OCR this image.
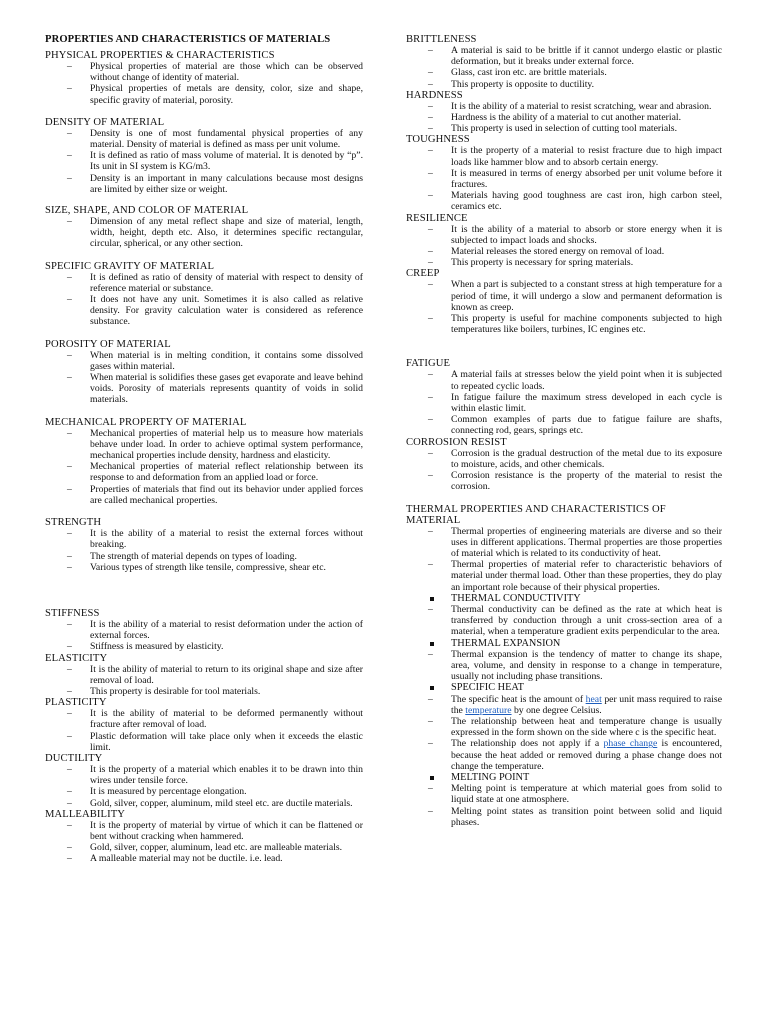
PROPERTIES AND CHARACTERISTICS OF MATERIALS
PHYSICAL PROPERTIES & CHARACTERISTICS
–	Physical properties of material are those which can be observed without change of identity of material.
–	Physical properties of metals are density, color, size and shape, specific gravity of material, porosity.
DENSITY OF MATERIAL
–	Density is one of most fundamental physical properties of any material. Density of material is defined as mass per unit volume.
–	It is defined as ratio of mass volume of material. It is denoted by “p”. Its unit in SI system is KG/m3.
–	Density is an important in many calculations because most designs are limited by either size or weight.
SIZE, SHAPE, AND COLOR OF MATERIAL
–	Dimension of any metal reflect shape and size of material, length, width, height, depth etc. Also, it determines specific rectangular, circular, spherical, or any other section.
SPECIFIC GRAVITY OF MATERIAL
–	It is defined as ratio of density of material with respect to density of reference material or substance.
–	It does not have any unit. Sometimes it is also called as relative density. For gravity calculation water is considered as reference substance.
POROSITY OF MATERIAL
–	When material is in melting condition, it contains some dissolved gases within material.
–	When material is solidifies these gases get evaporate and leave behind voids. Porosity of materials represents quantity of voids in solid materials.
MECHANICAL PROPERTY OF MATERIAL
–	Mechanical properties of material help us to measure how materials behave under load. In order to achieve optimal system performance, mechanical properties include density, hardness and elasticity.
–	Mechanical properties of material reflect relationship between its response to and deformation from an applied load or force.
–	Properties of materials that find out its behavior under applied forces are called mechanical properties.
STRENGTH
–	It is the ability of a material to resist the external forces without breaking.
–	The strength of material depends on types of loading.
–	Various types of strength like tensile, compressive, shear etc.
STIFFNESS
–	It is the ability of a material to resist deformation under the action of external forces.
–	Stiffness is measured by elasticity.
ELASTICITY
–	It is the ability of material to return to its original shape and size after removal of load.
–	This property is desirable for tool materials.
PLASTICITY
–	It is the ability of material to be deformed permanently without fracture after removal of load.
–	Plastic deformation will take place only when it exceeds the elastic limit.
DUCTILITY
–	It is the property of a material which enables it to be drawn into thin wires under tensile force.
–	It is measured by percentage elongation.
–	Gold, silver, copper, aluminum, mild steel etc. are ductile materials.
MALLEABILITY
–	It is the property of material by virtue of which it can be flattened or bent without cracking when hammered.
–	Gold, silver, copper, aluminum, lead etc. are malleable materials.
–	A malleable material may not be ductile. i.e. lead.
BRITTLENESS
–	A material is said to be brittle if it cannot undergo elastic or plastic deformation, but it breaks under external force.
–	Glass, cast iron etc. are brittle materials.
–	This property is opposite to ductility.
HARDNESS
–	It is the ability of a material to resist scratching, wear and abrasion.
–	Hardness is the ability of a material to cut another material.
–	This property is used in selection of cutting tool materials.
TOUGHNESS
–	It is the property of a material to resist fracture due to high impact loads like hammer blow and to absorb certain energy.
–	It is measured in terms of energy absorbed per unit volume before it fractures.
–	Materials having good toughness are cast iron, high carbon steel, ceramics etc.
RESILIENCE
–	It is the ability of a material to absorb or store energy when it is subjected to impact loads and shocks.
–	Material releases the stored energy on removal of load.
–	This property is necessary for spring materials.
CREEP
–	When a part is subjected to a constant stress at high temperature for a period of time, it will undergo a slow and permanent deformation is known as creep.
–	This property is useful for machine components subjected to high temperatures like boilers, turbines, IC engines etc.
FATIGUE
–	A material fails at stresses below the yield point when it is subjected to repeated cyclic loads.
–	In fatigue failure the maximum stress developed in each cycle is within elastic limit.
–	Common examples of parts due to fatigue failure are shafts, connecting rod, gears, springs etc.
CORROSION RESIST
–	Corrosion is the gradual destruction of the metal due to its exposure to moisture, acids, and other chemicals.
–	Corrosion resistance is the property of the material to resist the corrosion.
THERMAL PROPERTIES AND CHARACTERISTICS OF MATERIAL
–	Thermal properties of engineering materials are diverse and so their uses in different applications. Thermal properties are those properties of material which is related to its conductivity of heat.
–	Thermal properties of material refer to characteristic behaviors of material under thermal load. Other than these properties, they do play an important role because of their physical properties.
THERMAL CONDUCTIVITY
–	Thermal conductivity can be defined as the rate at which heat is transferred by conduction through a unit cross-section area of a material, when a temperature gradient exits perpendicular to the area.
THERMAL EXPANSION
–	Thermal expansion is the tendency of matter to change its shape, area, volume, and density in response to a change in temperature, usually not including phase transitions.
SPECIFIC HEAT
–	The specific heat is the amount of heat per unit mass required to raise the temperature by one degree Celsius.
–	The relationship between heat and temperature change is usually expressed in the form shown on the side where c is the specific heat.
–	The relationship does not apply if a phase change is encountered, because the heat added or removed during a phase change does not change the temperature.
MELTING POINT
–	Melting point is temperature at which material goes from solid to liquid state at one atmosphere.
–	Melting point states as transition point between solid and liquid phases.
